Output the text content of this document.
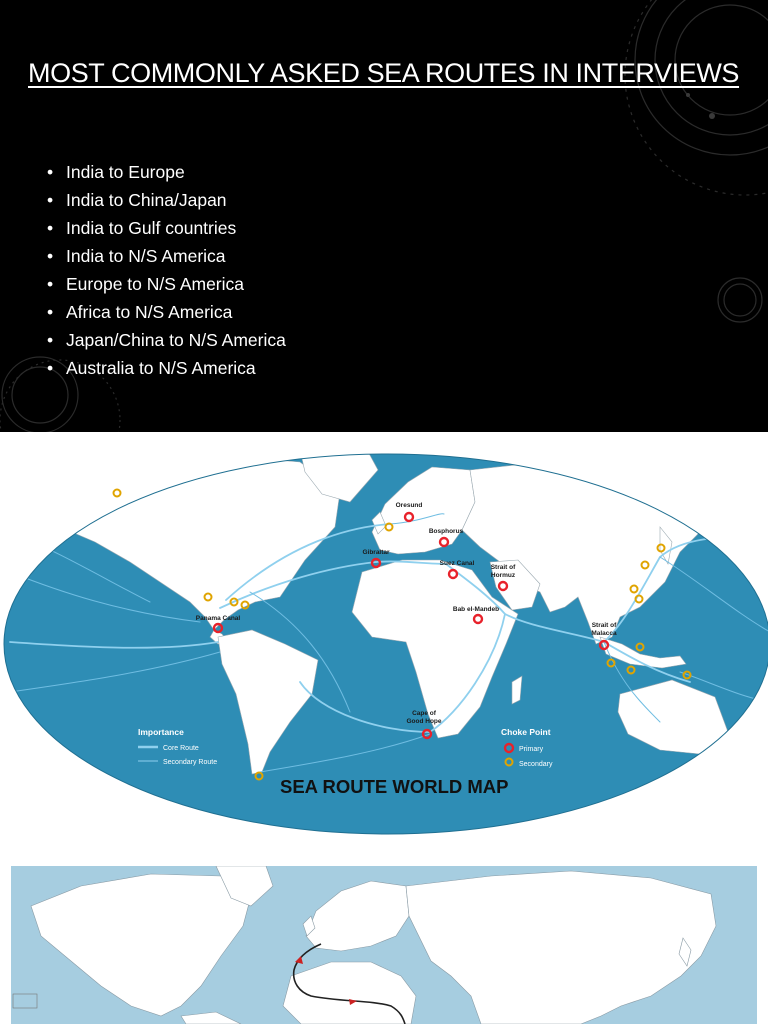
MOST COMMONLY ASKED SEA ROUTES IN INTERVIEWS
• India to Europe
• India to China/Japan
• India to Gulf countries
• India to N/S America
• Europe to N/S America
• Africa to N/S America
• Japan/China to N/S America
• Australia to N/S America
Oresund
Bosphorus
Gibraltar
Suez Canal
Strait of
Hormuz
Bab el-Mandeb
Strait of
Malacca
Panama Canal
Cape of
Good Hope
Importance
Core Route
Secondary Route
Choke Point
Primary
Secondary
SEA ROUTE WORLD MAP
